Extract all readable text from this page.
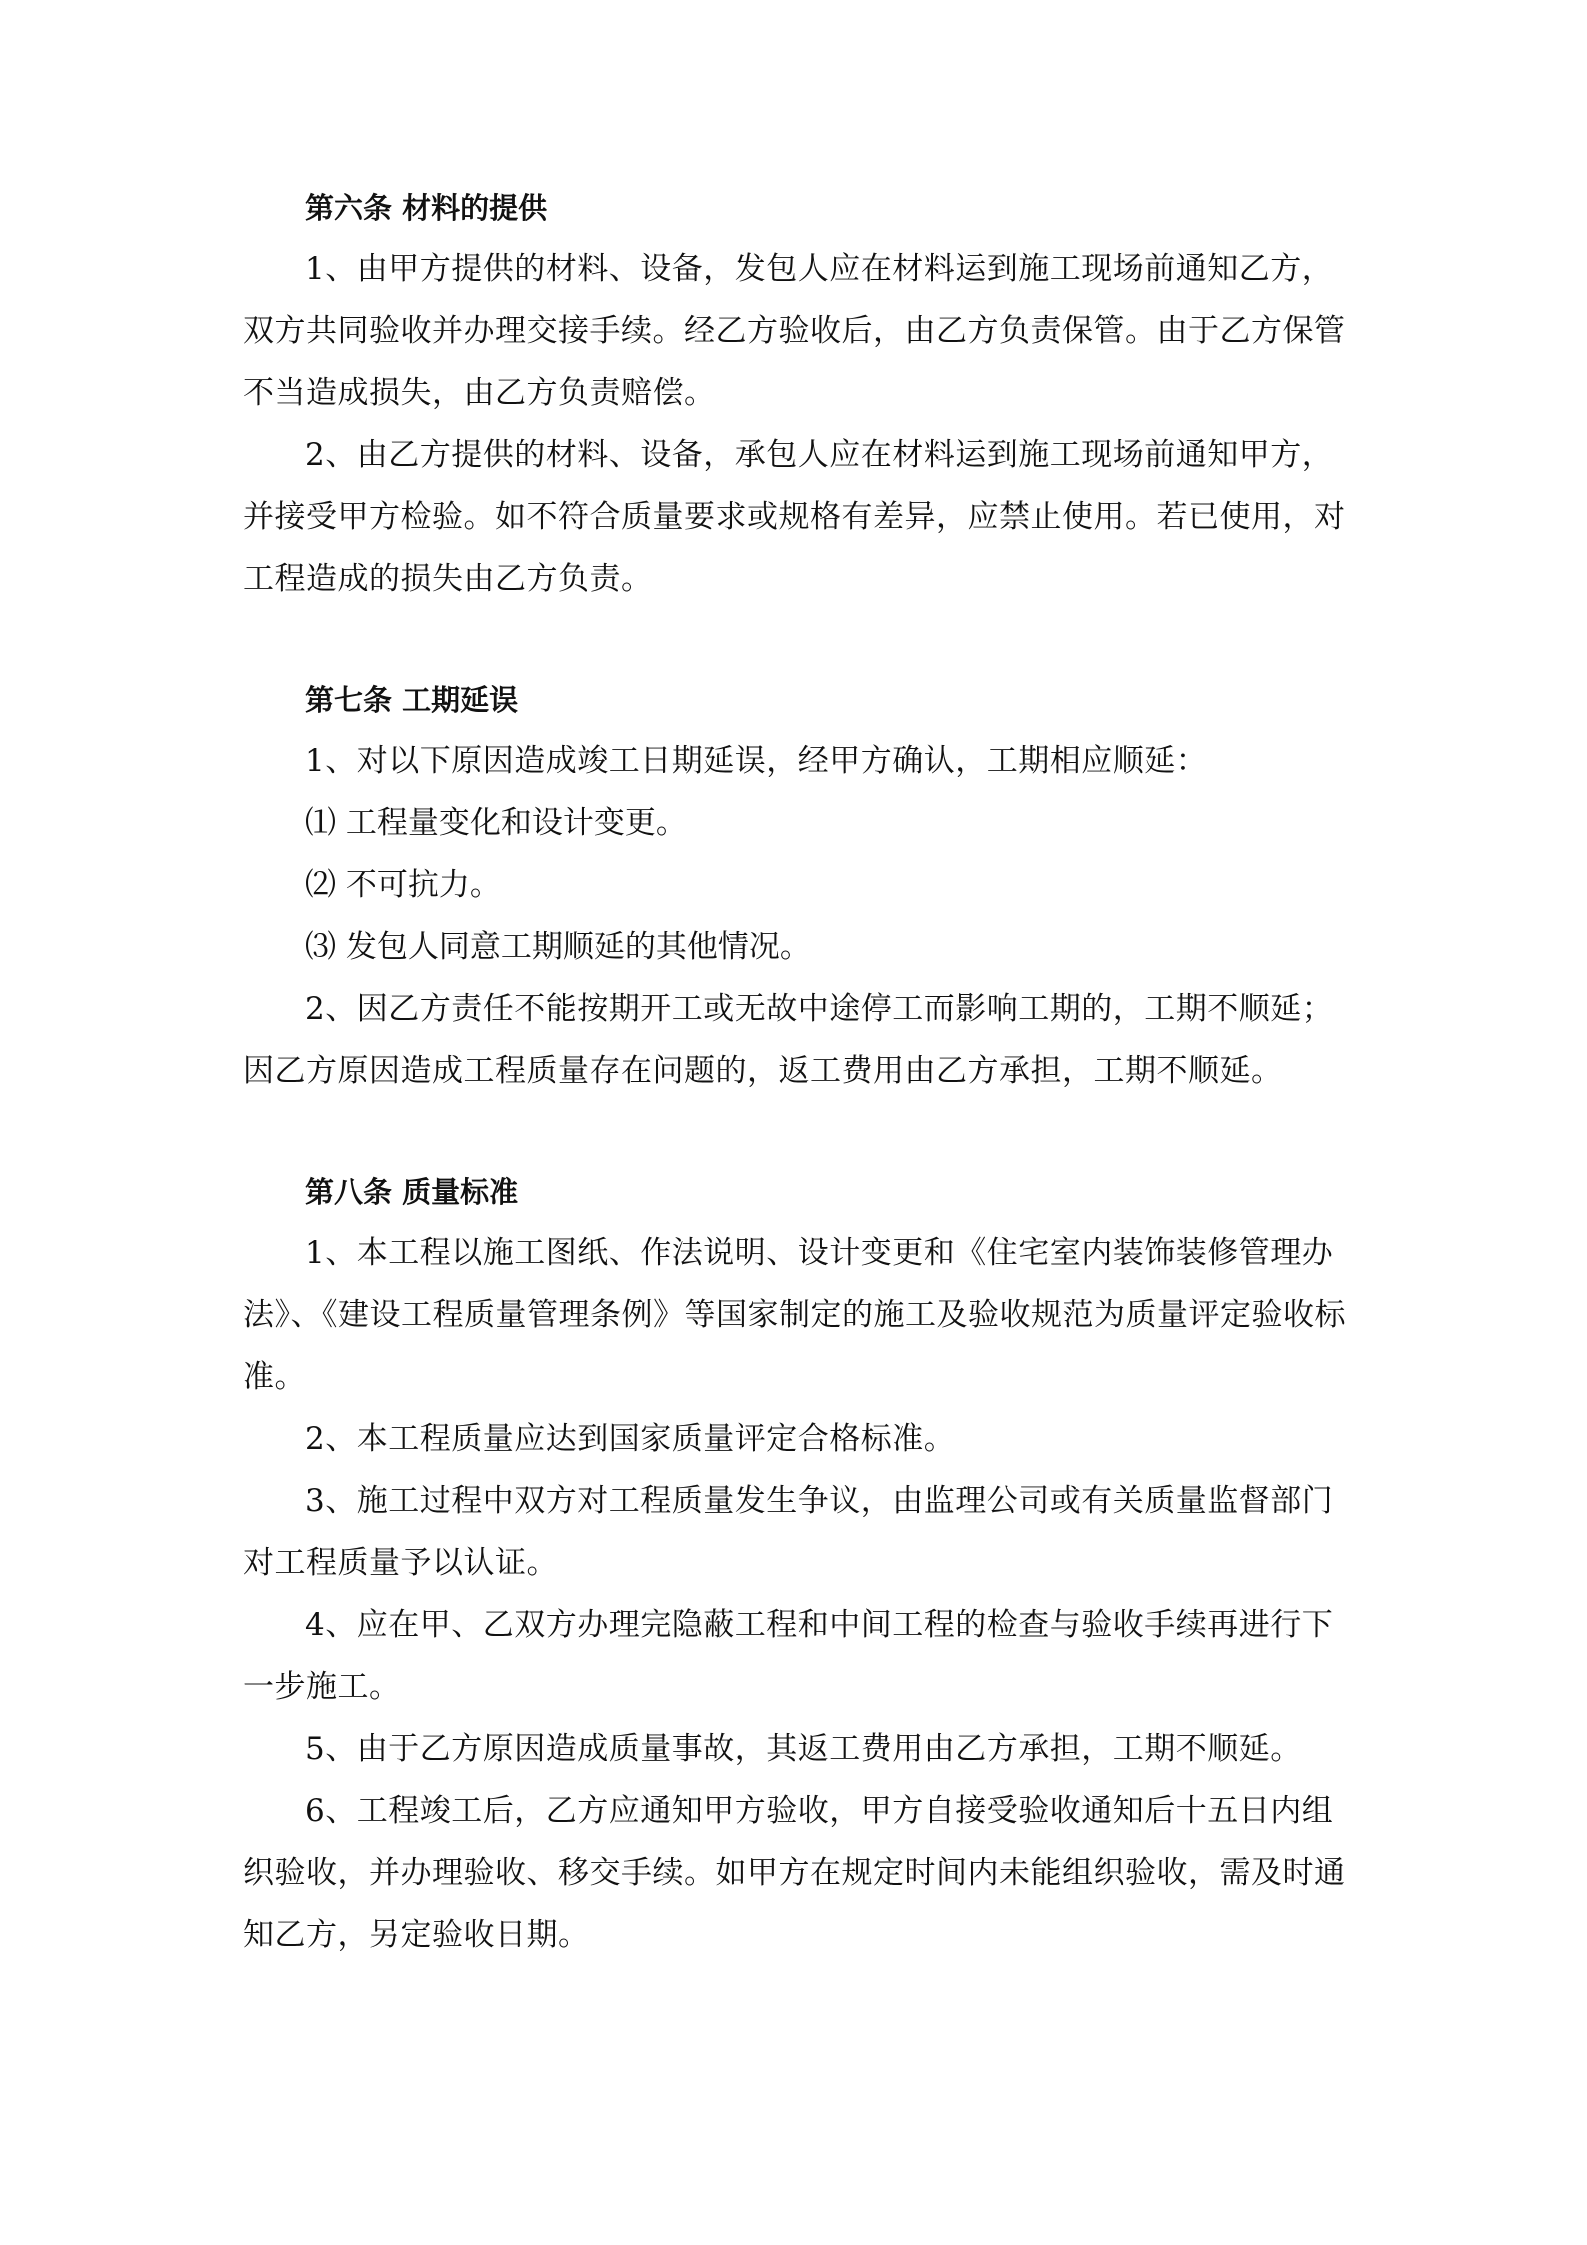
第六条 材料的提供

1、由甲方提供的材料、设备，发包人应在材料运到施工现场前通知乙方，双方共同验收并办理交接手续。经乙方验收后，由乙方负责保管。由于乙方保管不当造成损失，由乙方负责赔偿。

2、由乙方提供的材料、设备，承包人应在材料运到施工现场前通知甲方，并接受甲方检验。如不符合质量要求或规格有差异，应禁止使用。若已使用，对工程造成的损失由乙方负责。

第七条 工期延误

1、对以下原因造成竣工日期延误，经甲方确认，工期相应顺延：

⑴ 工程量变化和设计变更。

⑵ 不可抗力。

⑶ 发包人同意工期顺延的其他情况。

2、因乙方责任不能按期开工或无故中途停工而影响工期的，工期不顺延；因乙方原因造成工程质量存在问题的，返工费用由乙方承担，工期不顺延。

第八条 质量标准

1、本工程以施工图纸、作法说明、设计变更和《住宅室内装饰装修管理办法》、《建设工程质量管理条例》等国家制定的施工及验收规范为质量评定验收标准。

2、本工程质量应达到国家质量评定合格标准。

3、施工过程中双方对工程质量发生争议，由监理公司或有关质量监督部门对工程质量予以认证。

4、应在甲、乙双方办理完隐蔽工程和中间工程的检查与验收手续再进行下一步施工。

5、由于乙方原因造成质量事故，其返工费用由乙方承担，工期不顺延。

6、工程竣工后，乙方应通知甲方验收，甲方自接受验收通知后十五日内组织验收，并办理验收、移交手续。如甲方在规定时间内未能组织验收，需及时通知乙方，另定验收日期。
